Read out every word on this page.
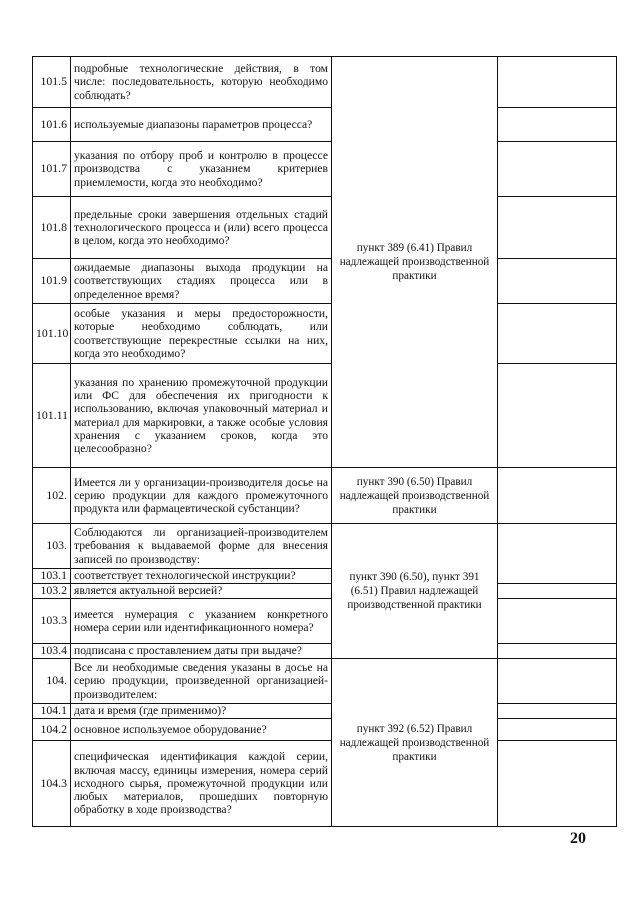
101.5	подробные технологические действия, в том числе: последовательность, которую необходимо соблюдать?	пункт 389 (6.41) Правил надлежащей производственной практики	
101.6	используемые диапазоны параметров процесса?		
101.7	указания по отбору проб и контролю в процессе производства с указанием критериев приемлемости, когда это необходимо?		
101.8	предельные сроки завершения отдельных стадий технологического процесса и (или) всего процесса в целом, когда это необходимо?		
101.9	ожидаемые диапазоны выхода продукции на соответствующих стадиях процесса или в определенное время?		
101.10	особые указания и меры предосторожности, которые необходимо соблюдать, или соответствующие перекрестные ссылки на них, когда это необходимо?		
101.11	указания по хранению промежуточной продукции или ФС для обеспечения их пригодности к использованию, включая упаковочный материал и материал для маркировки, а также особые условия хранения с указанием сроков, когда это целесообразно?		
102.	Имеется ли у организации-производителя досье на серию продукции для каждого промежуточного продукта или фармацевтической субстанции?	пункт 390 (6.50) Правил надлежащей производственной практики	
103.	Соблюдаются ли организацией-производителем требования к выдаваемой форме для внесения записей по производству:	пункт 390 (6.50), пункт 391 (6.51) Правил надлежащей производственной практики	
103.1	соответствует технологической инструкции?		
103.2	является актуальной версией?		
103.3	имеется нумерация с указанием конкретного номера серии или идентификационного номера?		
103.4	подписана с проставлением даты при выдаче?		
104.	Все ли необходимые сведения указаны в досье на серию продукции, произведенной организацией-производителем:	пункт 392 (6.52) Правил надлежащей производственной практики	
104.1	дата и время (где применимо)?		
104.2	основное используемое оборудование?		
104.3	специфическая идентификация каждой серии, включая массу, единицы измерения, номера серий исходного сырья, промежуточной продукции или любых материалов, прошедших повторную обработку в ходе производства?		
20
